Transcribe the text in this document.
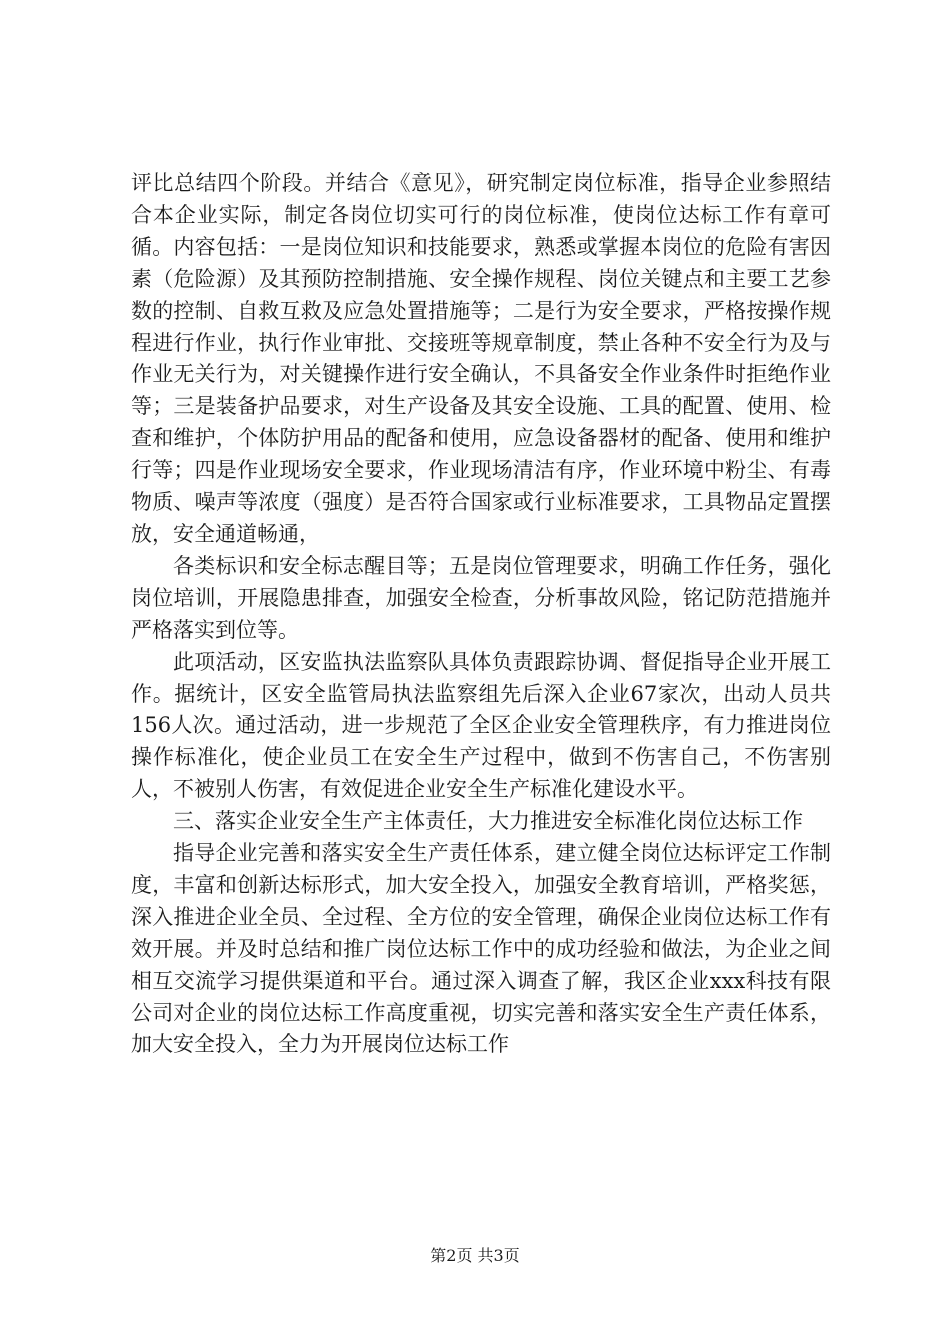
评比总结四个阶段。并结合《意见》，研究制定岗位标准，指导企业参照结合本企业实际，制定各岗位切实可行的岗位标准，使岗位达标工作有章可循。内容包括：一是岗位知识和技能要求，熟悉或掌握本岗位的危险有害因素（危险源）及其预防控制措施、安全操作规程、岗位关键点和主要工艺参数的控制、自救互救及应急处置措施等；二是行为安全要求，严格按操作规程进行作业，执行作业审批、交接班等规章制度，禁止各种不安全行为及与作业无关行为，对关键操作进行安全确认，不具备安全作业条件时拒绝作业等；三是装备护品要求，对生产设备及其安全设施、工具的配置、使用、检查和维护，个体防护用品的配备和使用，应急设备器材的配备、使用和维护行等；四是作业现场安全要求，作业现场清洁有序，作业环境中粉尘、有毒物质、噪声等浓度（强度）是否符合国家或行业标准要求，工具物品定置摆放，安全通道畅通，

各类标识和安全标志醒目等；五是岗位管理要求，明确工作任务，强化岗位培训，开展隐患排查，加强安全检查，分析事故风险，铭记防范措施并严格落实到位等。

此项活动，区安监执法监察队具体负责跟踪协调、督促指导企业开展工作。据统计，区安全监管局执法监察组先后深入企业67家次，出动人员共156人次。通过活动，进一步规范了全区企业安全管理秩序，有力推进岗位操作标准化，使企业员工在安全生产过程中，做到不伤害自己，不伤害别人，不被别人伤害，有效促进企业安全生产标准化建设水平。

三、落实企业安全生产主体责任，大力推进安全标准化岗位达标工作

指导企业完善和落实安全生产责任体系，建立健全岗位达标评定工作制度，丰富和创新达标形式，加大安全投入，加强安全教育培训，严格奖惩，深入推进企业全员、全过程、全方位的安全管理，确保企业岗位达标工作有效开展。并及时总结和推广岗位达标工作中的成功经验和做法，为企业之间相互交流学习提供渠道和平台。通过深入调查了解，我区企业xxx科技有限公司对企业的岗位达标工作高度重视，切实完善和落实安全生产责任体系，加大安全投入，全力为开展岗位达标工作

第2页 共3页
